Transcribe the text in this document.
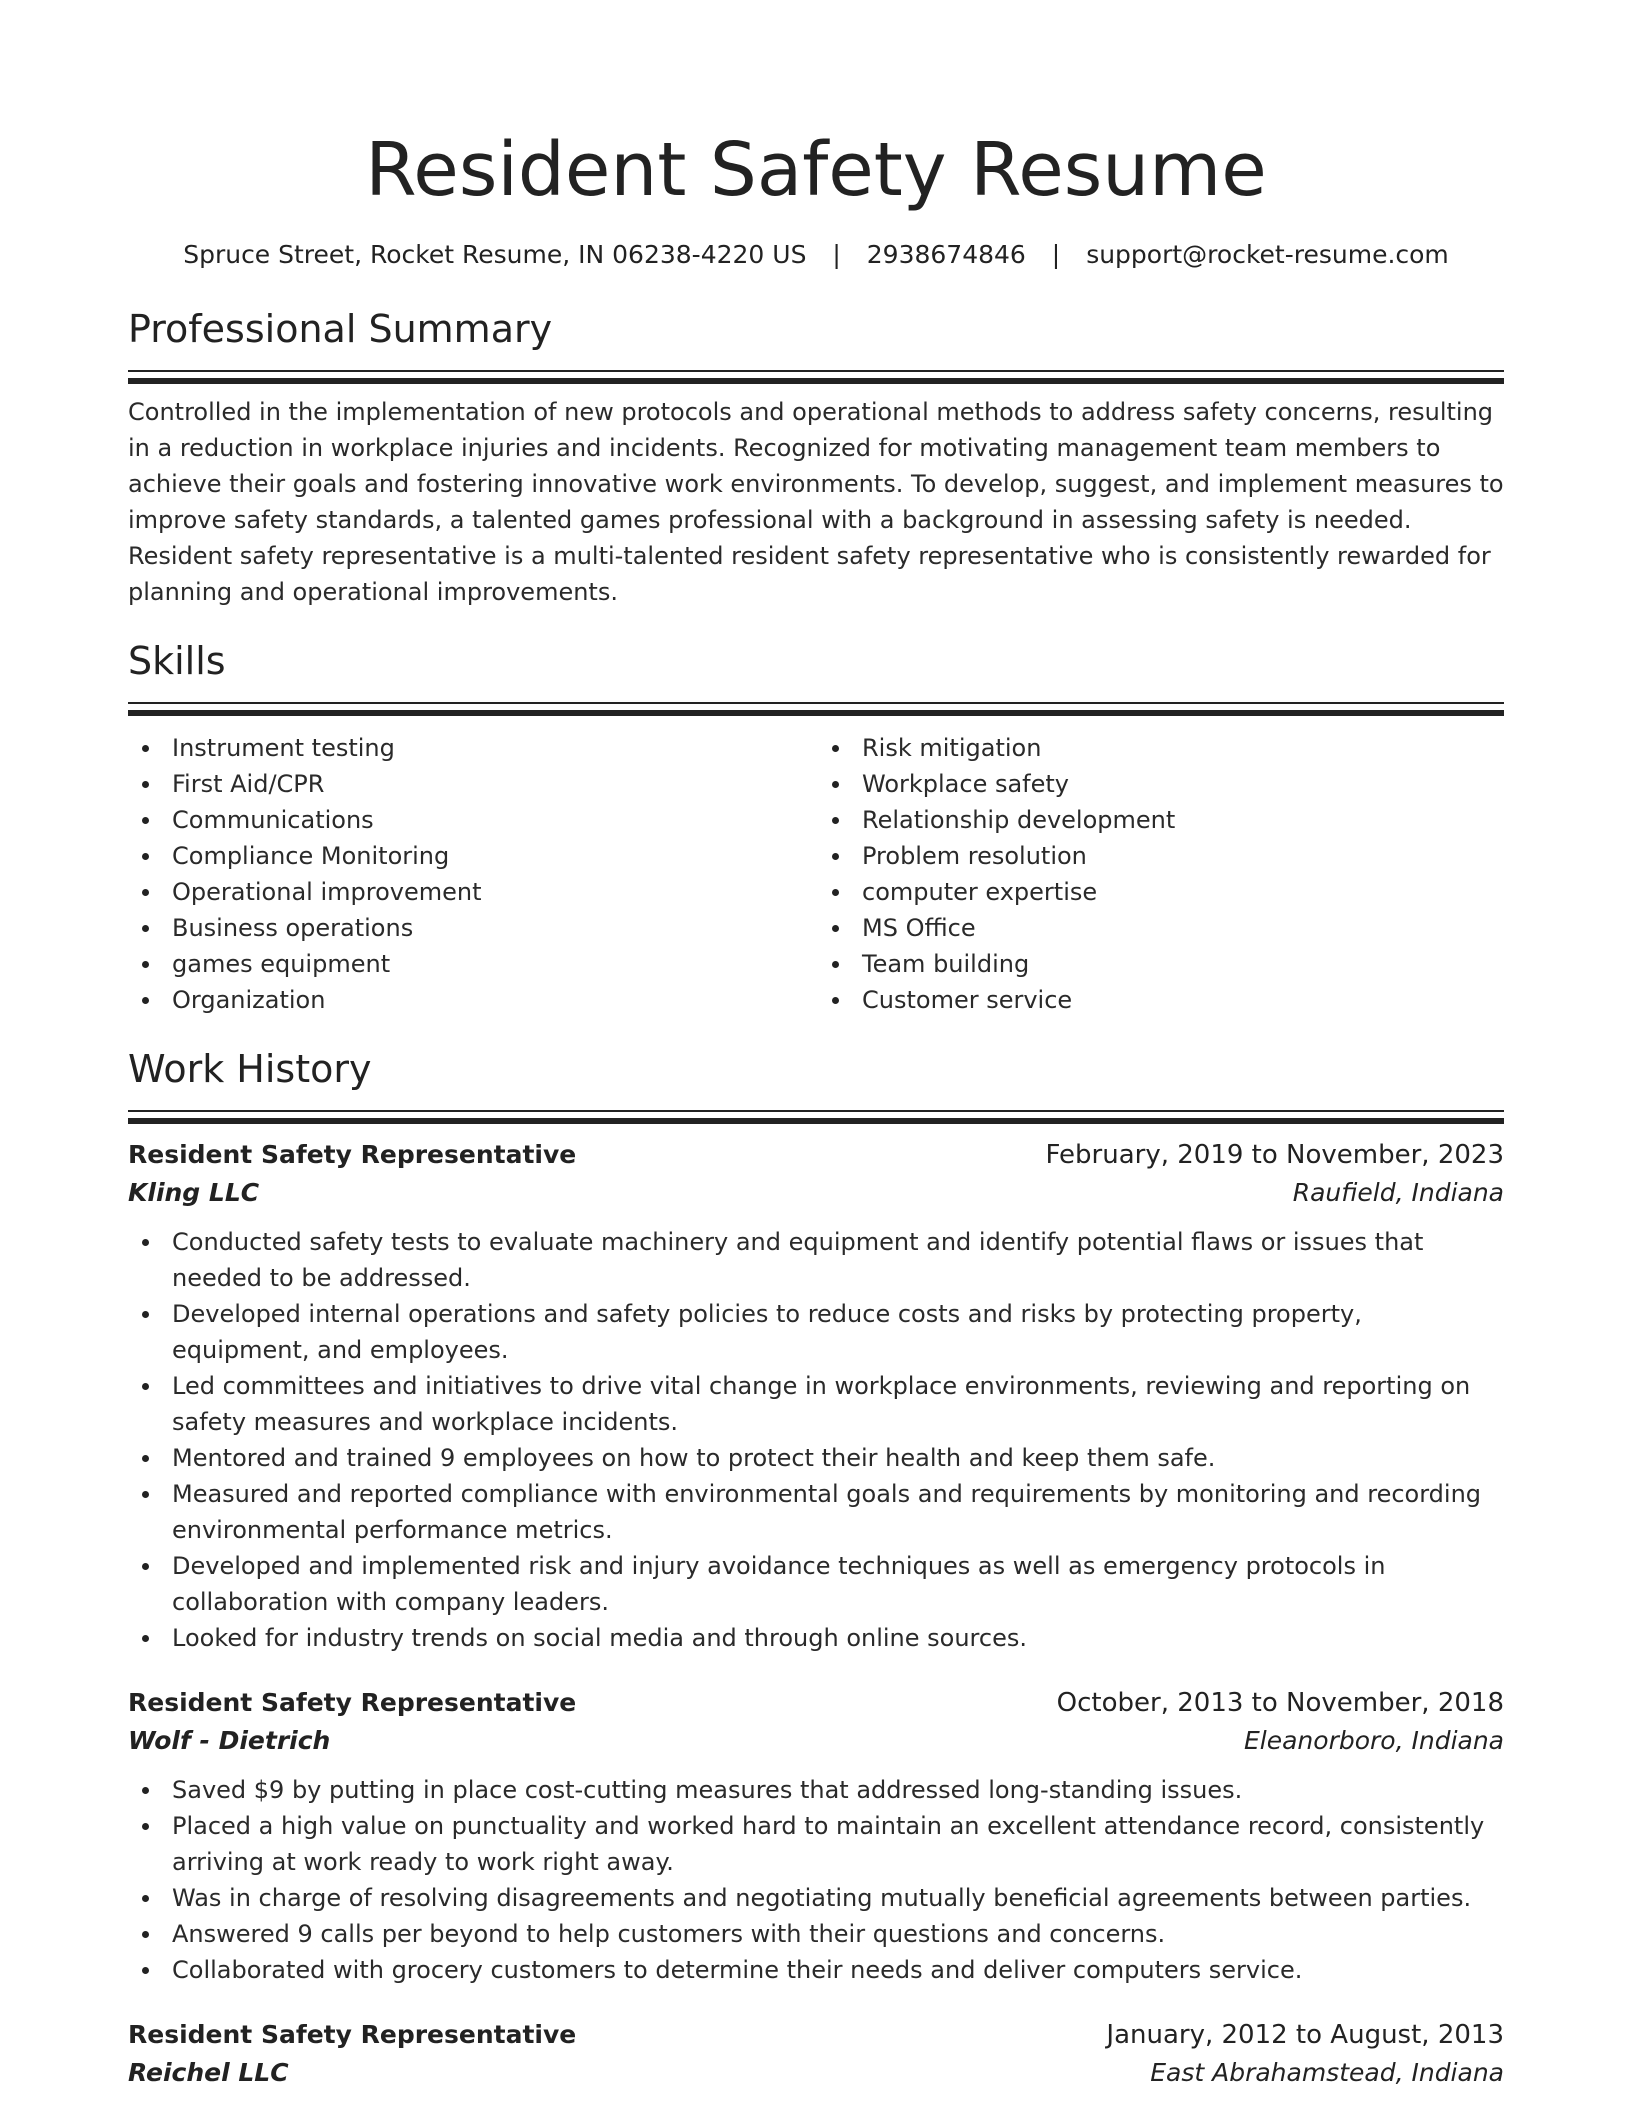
Resident Safety Resume
Spruce Street, Rocket Resume, IN 06238-4220 US | 2938674846 | support@rocket-resume.com
Professional Summary

Controlled in the implementation of new protocols and operational methods to address safety concerns, resulting in a reduction in workplace injuries and incidents. Recognized for motivating management team members to achieve their goals and fostering innovative work environments. To develop, suggest, and implement measures to improve safety standards, a talented games professional with a background in assessing safety is needed. Resident safety representative is a multi-talented resident safety representative who is consistently rewarded for planning and operational improvements.

Skills
Instrument testing
First Aid/CPR
Communications
Compliance Monitoring
Operational improvement
Business operations
games equipment
Organization
Risk mitigation
Workplace safety
Relationship development
Problem resolution
computer expertise
MS Office
Team building
Customer service
Work History
Resident Safety Representative	February, 2019 to November, 2023
Kling LLC	Raufield, Indiana
Conducted safety tests to evaluate machinery and equipment and identify potential flaws or issues that needed to be addressed.
Developed internal operations and safety policies to reduce costs and risks by protecting property, equipment, and employees.
Led committees and initiatives to drive vital change in workplace environments, reviewing and reporting on safety measures and workplace incidents.
Mentored and trained 9 employees on how to protect their health and keep them safe.
Measured and reported compliance with environmental goals and requirements by monitoring and recording environmental performance metrics.
Developed and implemented risk and injury avoidance techniques as well as emergency protocols in collaboration with company leaders.
Looked for industry trends on social media and through online sources.
Resident Safety Representative	October, 2013 to November, 2018
Wolf - Dietrich	Eleanorboro, Indiana
Saved $9 by putting in place cost-cutting measures that addressed long-standing issues.
Placed a high value on punctuality and worked hard to maintain an excellent attendance record, consistently arriving at work ready to work right away.
Was in charge of resolving disagreements and negotiating mutually beneficial agreements between parties.
Answered 9 calls per beyond to help customers with their questions and concerns.
Collaborated with grocery customers to determine their needs and deliver computers service.
Resident Safety Representative	January, 2012 to August, 2013
Reichel LLC	East Abrahamstead, Indiana
